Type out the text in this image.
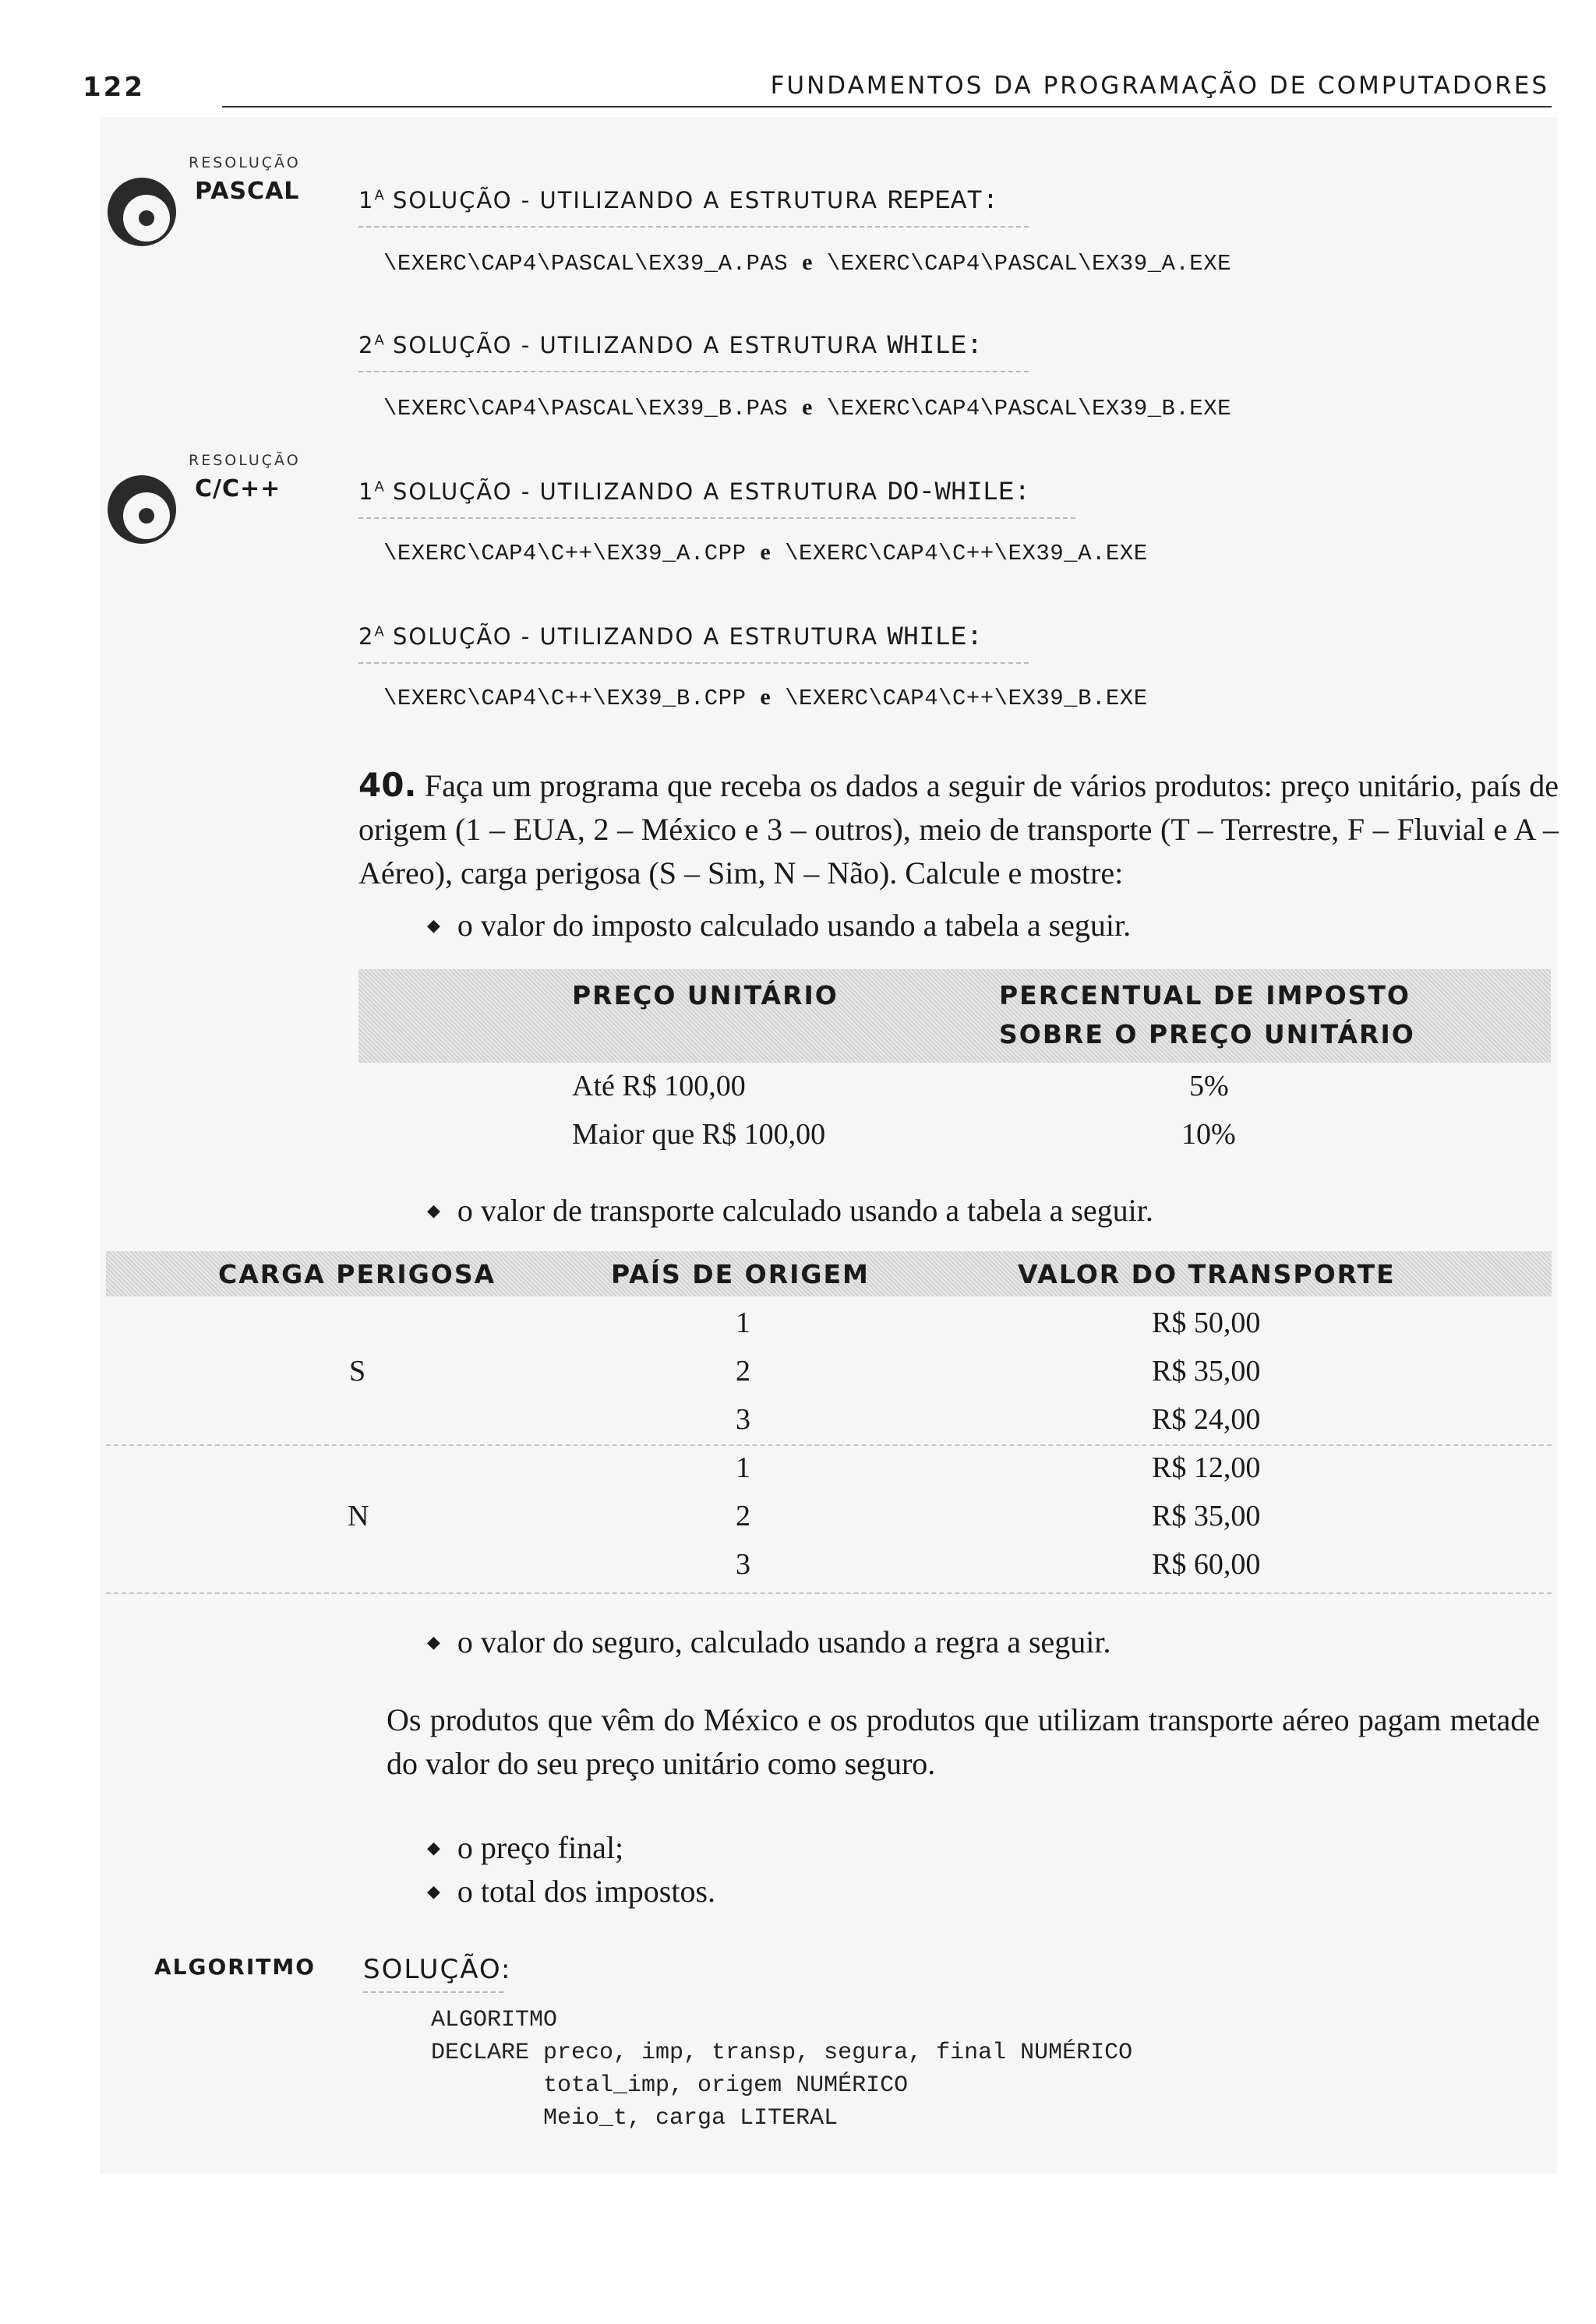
122	FUNDAMENTOS DA PROGRAMAÇÃO DE COMPUTADORES
RESOLUÇÃO
PASCAL	$1^A$ SOLUÇÃO - UTILIZANDO A ESTRUTURA REPEAT:
\EXERC\CAP4\PASCAL\EX39_A.PAS e \EXERC\CAP4\PASCAL\EX39_A.EXE
$2^A$ SOLUÇÃO - UTILIZANDO A ESTRUTURA WHILE:
\EXERC\CAP4\PASCAL\EX39_B.PAS e \EXERC\CAP4\PASCAL\EX39_B.EXE
RESOLUÇÃO
C/C++	$1^A$ SOLUÇÃO - UTILIZANDO A ESTRUTURA DO-WHILE:
\EXERC\CAP4\C++\EX39_A.CPP e \EXERC\CAP4\C++\EX39_A.EXE
$2^A$ SOLUÇÃO - UTILIZANDO A ESTRUTURA WHILE:
\EXERC\CAP4\C++\EX39_B.CPP e \EXERC\CAP4\C++\EX39_B.EXE
40. Faça um programa que receba os dados a seguir de vários produtos: preço unitário, país de origem (1 – EUA, 2 – México e 3 – outros), meio de transporte (T – Terrestre, F – Fluvial e A – Aéreo), carga perigosa (S – Sim, N – Não). Calcule e mostre:
◆ o valor do imposto calculado usando a tabela a seguir.
PREÇO UNITÁRIO	PERCENTUAL DE IMPOSTO
SOBRE O PREÇO UNITÁRIO
Até R$ 100,00	5%
Maior que R$ 100,00	10%
◆ o valor de transporte calculado usando a tabela a seguir.
CARGA PERIGOSA	PAÍS DE ORIGEM	VALOR DO TRANSPORTE
S
1	R$ 50,00
2	R$ 35,00
3	R$ 24,00
N
1	R$ 12,00
2	R$ 35,00
3	R$ 60,00
◆ o valor do seguro, calculado usando a regra a seguir.
Os produtos que vêm do México e os produtos que utilizam transporte aéreo pagam metade do valor do seu preço unitário como seguro.
◆ o preço final;
◆ o total dos impostos.
ALGORITMO SOLUÇÃO:
ALGORITMO
DECLARE preco, imp, transp, segura, final NUMÉRICO
total_imp, origem NUMÉRICO
Meio_t, carga LITERAL
